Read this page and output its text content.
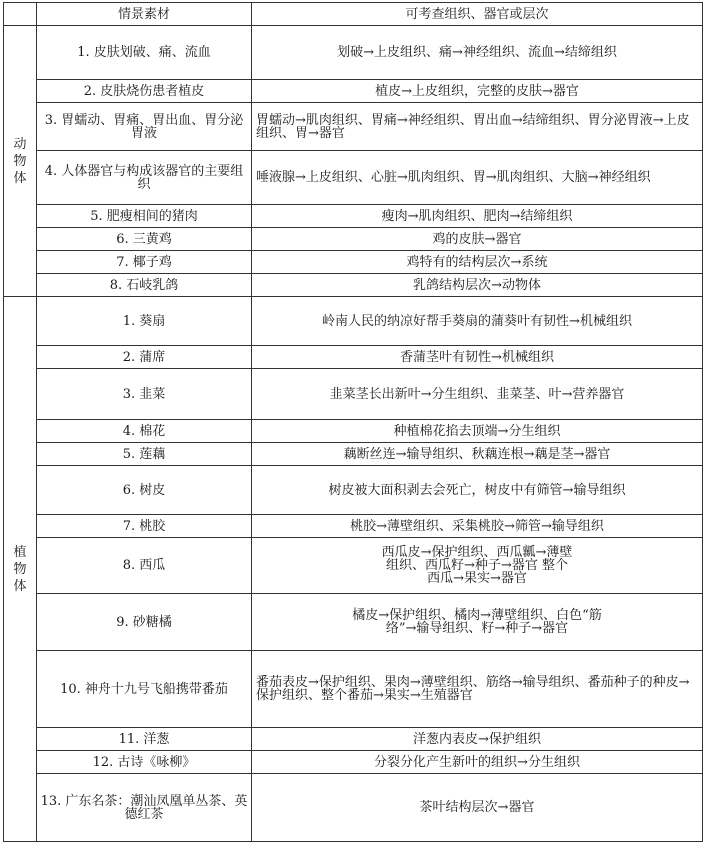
	情景素材	可考查组织、器官或层次
动物体	1. 皮肤划破、痛、流血	划破→上皮组织、痛→神经组织、流血→结缔组织
	2. 皮肤烧伤患者植皮	植皮→上皮组织，完整的皮肤→器官
	3. 胃蠕动、胃痛、胃出血、胃分泌胃液	胃蠕动→肌肉组织、胃痛→神经组织、胃出血→结缔组织、胃分泌胃液→上皮组织、胃→器官
	4. 人体器官与构成该器官的主要组织	唾液腺→上皮组织、心脏→肌肉组织、胃→肌肉组织、大脑→神经组织
	5. 肥瘦相间的猪肉	瘦肉→肌肉组织、肥肉→结缔组织
	6. 三黄鸡	鸡的皮肤→器官
	7. 椰子鸡	鸡特有的结构层次→系统
	8. 石岐乳鸽	乳鸽结构层次→动物体
植物体	1. 葵扇	岭南人民的纳凉好帮手葵扇的蒲葵叶有韧性→机械组织
	2. 蒲席	香蒲茎叶有韧性→机械组织
	3. 韭菜	韭菜茎长出新叶→分生组织、韭菜茎、叶→营养器官
	4. 棉花	种植棉花掐去顶端→分生组织
	5. 莲藕	藕断丝连→输导组织、秋藕连根→藕是茎→器官
	6. 树皮	树皮被大面积剥去会死亡，树皮中有筛管→输导组织
	7. 桃胶	桃胶→薄壁组织、采集桃胶→筛管→输导组织
	8. 西瓜	西瓜皮→保护组织、西瓜瓤→薄壁组织、西瓜籽→种子→器官 整个西瓜→果实→器官
	9. 砂糖橘	橘皮→保护组织、橘肉→薄壁组织、白色“筋络”→输导组织、籽→种子→器官
	10. 神舟十九号飞船携带番茄	番茄表皮→保护组织、果肉→薄壁组织、筋络→输导组织、番茄种子的种皮→保护组织、整个番茄→果实→生殖器官
	11. 洋葱	洋葱内表皮→保护组织
	12. 古诗《咏柳》	分裂分化产生新叶的组织→分生组织
	13. 广东名茶：潮汕凤凰单丛茶、英德红茶	茶叶结构层次→器官
